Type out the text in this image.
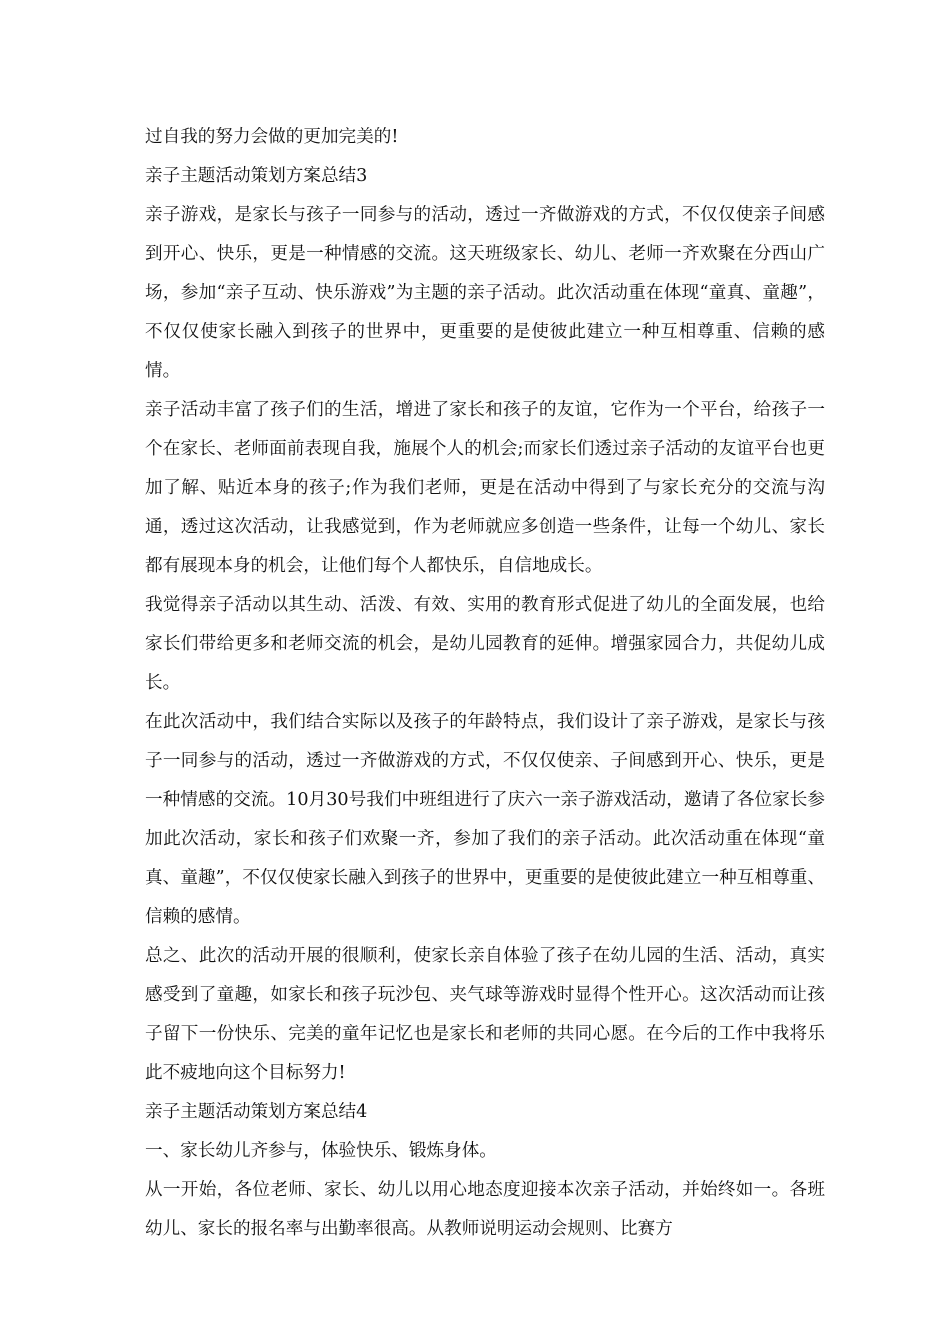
过自我的努力会做的更加完美的!

亲子主题活动策划方案总结3

亲子游戏，是家长与孩子一同参与的活动，透过一齐做游戏的方式，不仅仅使亲子间感到开心、快乐，更是一种情感的交流。这天班级家长、幼儿、老师一齐欢聚在分西山广场，参加“亲子互动、快乐游戏”为主题的亲子活动。此次活动重在体现“童真、童趣”，不仅仅使家长融入到孩子的世界中，更重要的是使彼此建立一种互相尊重、信赖的感情。

亲子活动丰富了孩子们的生活，增进了家长和孩子的友谊，它作为一个平台，给孩子一个在家长、老师面前表现自我，施展个人的机会;而家长们透过亲子活动的友谊平台也更加了解、贴近本身的孩子;作为我们老师，更是在活动中得到了与家长充分的交流与沟通，透过这次活动，让我感觉到，作为老师就应多创造一些条件，让每一个幼儿、家长都有展现本身的机会，让他们每个人都快乐，自信地成长。

我觉得亲子活动以其生动、活泼、有效、实用的教育形式促进了幼儿的全面发展，也给家长们带给更多和老师交流的机会，是幼儿园教育的延伸。增强家园合力，共促幼儿成长。

在此次活动中，我们结合实际以及孩子的年龄特点，我们设计了亲子游戏，是家长与孩子一同参与的活动，透过一齐做游戏的方式，不仅仅使亲、子间感到开心、快乐，更是一种情感的交流。10月30号我们中班组进行了庆六一亲子游戏活动，邀请了各位家长参加此次活动，家长和孩子们欢聚一齐，参加了我们的亲子活动。此次活动重在体现“童真、童趣”，不仅仅使家长融入到孩子的世界中，更重要的是使彼此建立一种互相尊重、信赖的感情。

总之、此次的活动开展的很顺利，使家长亲自体验了孩子在幼儿园的生活、活动，真实感受到了童趣，如家长和孩子玩沙包、夹气球等游戏时显得个性开心。这次活动而让孩子留下一份快乐、完美的童年记忆也是家长和老师的共同心愿。在今后的工作中我将乐此不疲地向这个目标努力!

亲子主题活动策划方案总结4

一、家长幼儿齐参与，体验快乐、锻炼身体。

从一开始，各位老师、家长、幼儿以用心地态度迎接本次亲子活动，并始终如一。各班幼儿、家长的报名率与出勤率很高。从教师说明运动会规则、比赛方
